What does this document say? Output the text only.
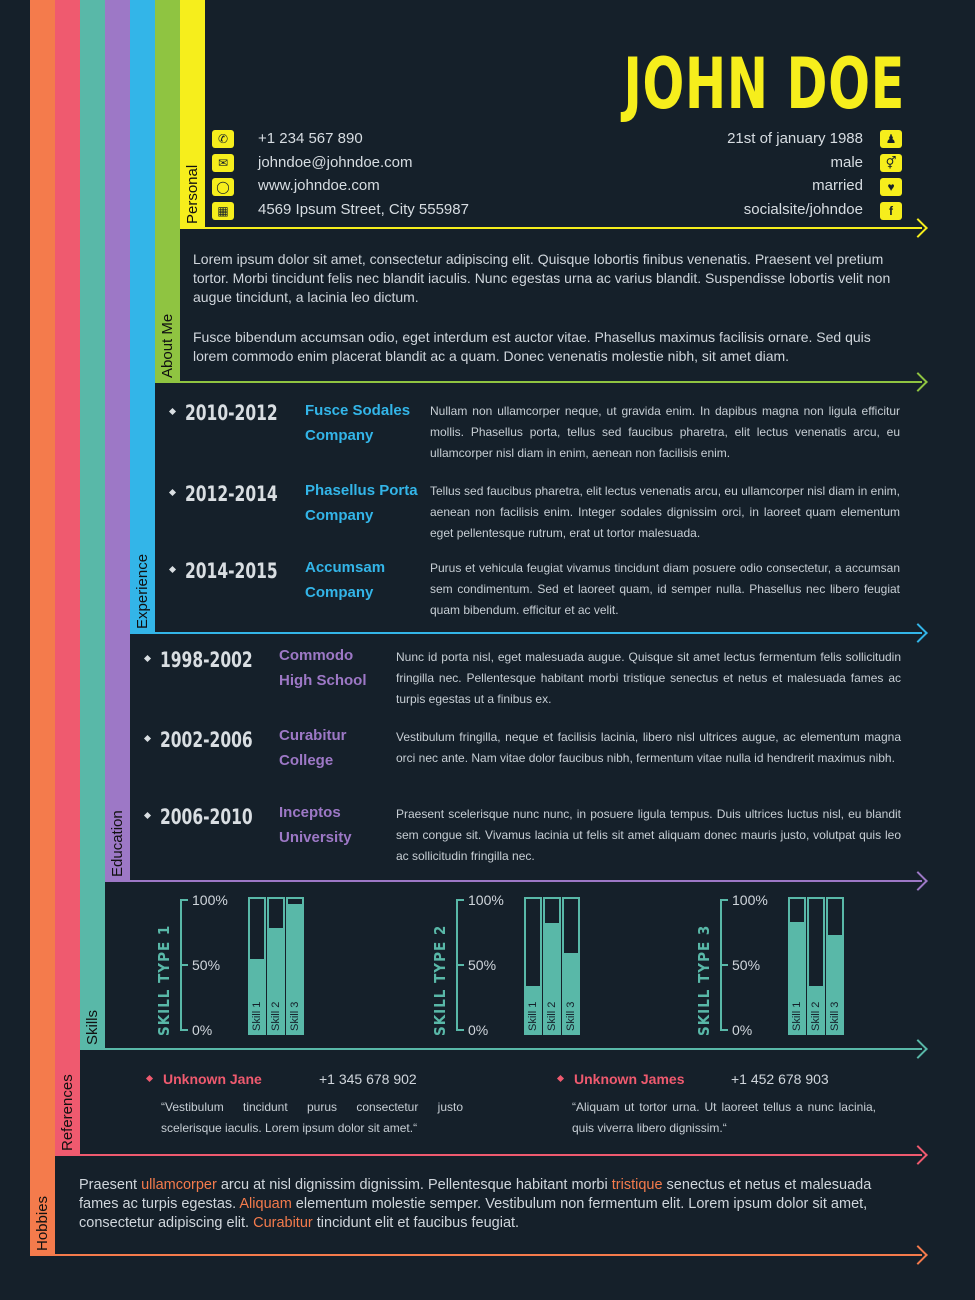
Personal
About Me
Experience
Education
Skills
References
Hobbies
JOHN DOE
✆	+1 234 567 890
✉	johndoe@johndoe.com
◯ www.johndoe.com
▦	4569 Ipsum Street, City 555987
21st of january 1988	♟
male	⚥
married	♥
socialsite/johndoe	f
Lorem ipsum dolor sit amet, consectetur adipiscing elit. Quisque lobortis finibus venenatis. Praesent vel pretium tortor. Morbi tincidunt felis nec blandit iaculis. Nunc egestas urna ac varius blandit. Suspendisse lobortis velit non augue tincidunt, a lacinia leo dictum.
Fusce bibendum accumsan odio, eget interdum est auctor vitae. Phasellus maximus facilisis ornare. Sed quis lorem commodo enim placerat blandit ac a quam. Donec venenatis molestie nibh, sit amet diam.
2010-2012 Fusce Sodales
Company
Nullam non ullamcorper neque, ut gravida enim. In dapibus magna non ligula efficitur mollis. Phasellus porta, tellus sed faucibus pharetra, elit lectus venenatis arcu, eu ullamcorper nisl diam in enim, aenean non facilisis enim.
2012-2014 Phasellus Porta
Company
Tellus sed faucibus pharetra, elit lectus venenatis arcu, eu ullamcorper nisl diam in enim, aenean non facilisis enim. Integer sodales dignissim orci, in laoreet quam elementum eget pellentesque rutrum, erat ut tortor malesuada.
2014-2015 Accumsam
Company
Purus et vehicula feugiat vivamus tincidunt diam posuere odio consectetur, a accumsan sem condimentum. Sed et laoreet quam, id semper nulla. Phasellus nec libero feugiat quam bibendum. efficitur et ac velit.
1998-2002 Commodo
High School
Nunc id porta nisl, eget malesuada augue. Quisque sit amet lectus fermentum felis sollicitudin fringilla nec. Pellentesque habitant morbi tristique senectus et netus et malesuada fames ac turpis egestas ut a finibus ex.
2002-2006 Curabitur
College
Vestibulum fringilla, neque et facilisis lacinia, libero nisl ultrices augue, ac elementum magna orci nec ante. Nam vitae dolor faucibus nibh, fermentum vitae nulla id hendrerit maximus nibh.
2006-2010 Inceptos
University
Praesent scelerisque nunc nunc, in posuere ligula tempus. Duis ultrices luctus nisl, eu blandit sem congue sit. Vivamus lacinia ut felis sit amet aliquam donec mauris justo, volutpat quis leo ac sollicitudin fringilla nec.
SKILL TYPE 1
100%
50%
0%	Skill 1 Skill 2 Skill 3	SKILL TYPE 2
100%
50%
0%	Skill 1 Skill 2 Skill 3	SKILL TYPE 3
100%
50%
0%	Skill 1 Skill 2 Skill 3
Unknown Jane	+1 345 678 902
“Vestibulum tincidunt purus consectetur justo scelerisque iaculis. Lorem ipsum dolor sit amet.“
Unknown James	+1 452 678 903
“Aliquam ut tortor urna. Ut laoreet tellus a nunc lacinia, quis viverra libero dignissim.“
Praesent ullamcorper arcu at nisl dignissim dignissim. Pellentesque habitant morbi tristique senectus et netus et malesuada fames ac turpis egestas. Aliquam elementum molestie semper. Vestibulum non fermentum elit. Lorem ipsum dolor sit amet, consectetur adipiscing elit. Curabitur tincidunt elit et faucibus feugiat.
